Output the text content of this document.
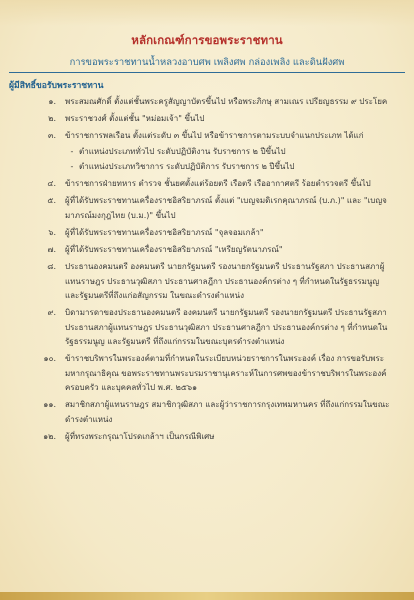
หลักเกณฑ์การขอพระราชทาน
การขอพระราชทานน้ำหลวงอาบศพ เพลิงศพ กล่องเพลิง และดินฝังศพ
ผู้มีสิทธิ์ขอรับพระราชทาน
๑.	พระสมณศักดิ์ ตั้งแต่ชั้นพระครูสัญญาบัตรขึ้นไป หรือพระภิกษุ สามเณร เปรียญธรรม ๙ ประโยค
๒.	พระราชวงศ์ ตั้งแต่ชั้น "หม่อมเจ้า" ขึ้นไป
๓.	ข้าราชการพลเรือน ตั้งแต่ระดับ ๓ ขึ้นไป หรือข้าราชการตามระบบจำแนกประเภท ได้แก่
- ตำแหน่งประเภททั่วไป ระดับปฏิบัติงาน รับราชการ ๒ ปีขึ้นไป
- ตำแหน่งประเภทวิชาการ ระดับปฏิบัติการ รับราชการ ๒ ปีขึ้นไป
๔.	ข้าราชการฝ่ายทหาร ตำรวจ ชั้นยศตั้งแต่ร้อยตรี เรือตรี เรืออากาศตรี ร้อยตำรวจตรี ขึ้นไป
๕.	ผู้ที่ได้รับพระราชทานเครื่องราชอิสริยาภรณ์ ตั้งแต่ "เบญจมดิเรกคุณาภรณ์ (บ.ภ.)" และ "เบญจมาภรณ์มงกุฎไทย (บ.ม.)" ขึ้นไป
๖.	ผู้ที่ได้รับพระราชทานเครื่องราชอิสริยาภรณ์ "จุลจอมเกล้า"
๗.	ผู้ที่ได้รับพระราชทานเครื่องราชอิสริยาภรณ์ "เหรียญรัตนาภรณ์"
๘.	ประธานองคมนตรี องคมนตรี นายกรัฐมนตรี รองนายกรัฐมนตรี ประธานรัฐสภา ประธานสภาผู้แทนราษฎร ประธานวุฒิสภา ประธานศาลฎีกา ประธานองค์กรต่าง ๆ ที่กำหนดในรัฐธรรมนูญ และรัฐมนตรีที่ถึงแก่อสัญกรรม ในขณะดำรงตำแหน่ง
๙.	บิดามารดาของประธานองคมนตรี องคมนตรี นายกรัฐมนตรี รองนายกรัฐมนตรี ประธานรัฐสภา ประธานสภาผู้แทนราษฎร ประธานวุฒิสภา ประธานศาลฎีกา ประธานองค์กรต่าง ๆ ที่กำหนดในรัฐธรรมนูญ และรัฐมนตรี ที่ถึงแก่กรรมในขณะบุตรดำรงตำแหน่ง
๑๐.	ข้าราชบริพารในพระองค์ตามที่กำหนดในระเบียบหน่วยราชการในพระองค์ เรื่อง การขอรับพระมหากรุณาธิคุณ ขอพระราชทานพระบรมราชานุเคราะห์ในการศพของข้าราชบริพารในพระองค์ ครอบครัว และบุคคลทั่วไป พ.ศ. ๒๕๖๑
๑๑.	สมาชิกสภาผู้แทนราษฎร สมาชิกวุฒิสภา และผู้ว่าราชการกรุงเทพมหานคร ที่ถึงแก่กรรมในขณะดำรงตำแหน่ง
๑๒.	ผู้ที่ทรงพระกรุณาโปรดเกล้าฯ เป็นกรณีพิเศษ
